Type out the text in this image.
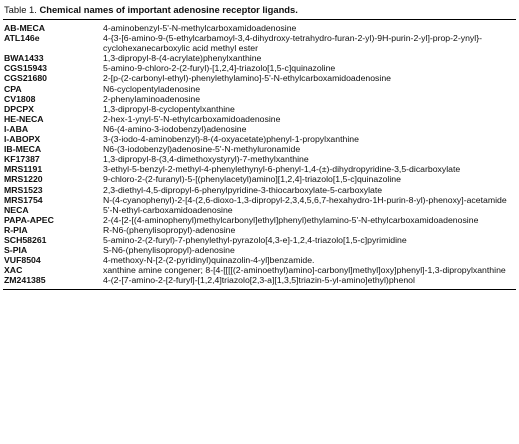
Table 1. Chemical names of important adenosine receptor ligands.
AB-MECA	4-aminobenzyl-5'-N-methylcarboxamidoadenosine
ATL146e	4-{3-[6-amino-9-(5-ethylcarbamoyl-3,4-dihydroxy-tetrahydro-furan-2-yl)-9H-purin-2-yl]-prop-2-ynyl}-cyclohexanecarboxylic acid methyl ester
BWA1433	1,3-dipropyl-8-(4-acrylate)phenylxanthine
CGS15943	5-amino-9-chloro-2-(2-furyl)-[1,2,4]-triazolo[1,5-c]quinazoline
CGS21680	2-[p-(2-carbonyl-ethyl)-phenylethylamino]-5'-N-ethylcarboxamidoadenosine
CPA	N6-cyclopentyladenosine
CV1808	2-phenylaminoadenosine
DPCPX	1,3-dipropyl-8-cyclopentylxanthine
HE-NECA	2-hex-1-ynyl-5'-N-ethylcarboxamidoadenosine
I-ABA	N6-(4-amino-3-iodobenzyl)adenosine
I-ABOPX	3-(3-iodo-4-aminobenzyl)-8-(4-oxyacetate)phenyl-1-propylxanthine
IB-MECA	N6-(3-iodobenzyl)adenosine-5'-N-methyluronamide
KF17387	1,3-dipropyl-8-(3,4-dimethoxystyryl)-7-methylxanthine
MRS1191	3-ethyl-5-benzyl-2-methyl-4-phenylethynyl-6-phenyl-1,4-(±)-dihydropyridine-3,5-dicarboxylate
MRS1220	9-chloro-2-(2-furanyl)-5-[(phenylacetyl)amino][1,2,4]-triazolo[1,5-c]quinazoline
MRS1523	2,3-diethyl-4,5-dipropyl-6-phenylpyridine-3-thiocarboxylate-5-carboxylate
MRS1754	N-(4-cyanophenyl)-2-[4-(2,6-dioxo-1,3-dipropyl-2,3,4,5,6,7-hexahydro-1H-purin-8-yl)-phenoxy]-acetamide
NECA	5'-N-ethyl-carboxamidoadenosine
PAPA-APEC	2-(4-[2-[(4-aminophenyl)methylcarbonyl]ethyl]phenyl)ethylamino-5'-N-ethylcarboxamidoadenosine
R-PIA	R-N6-(phenylisopropyl)-adenosine
SCH58261	5-amino-2-(2-furyl)-7-phenylethyl-pyrazolo[4,3-e]-1,2,4-triazolo[1,5-c]pyrimidine
S-PIA	S-N6-(phenylisopropyl)-adenosine
VUF8504	4-methoxy-N-[2-(2-pyridinyl)quinazolin-4-yl]benzamide.
XAC	xanthine amine congener; 8-[4-[[[[(2-aminoethyl)amino]-carbonyl]methyl]oxy]phenyl]-1,3-dipropylxanthine
ZM241385	4-(2-[7-amino-2-[2-furyl]-[1,2,4]triazolo[2,3-a][1,3,5]triazin-5-yl-amino]ethyl)phenol
